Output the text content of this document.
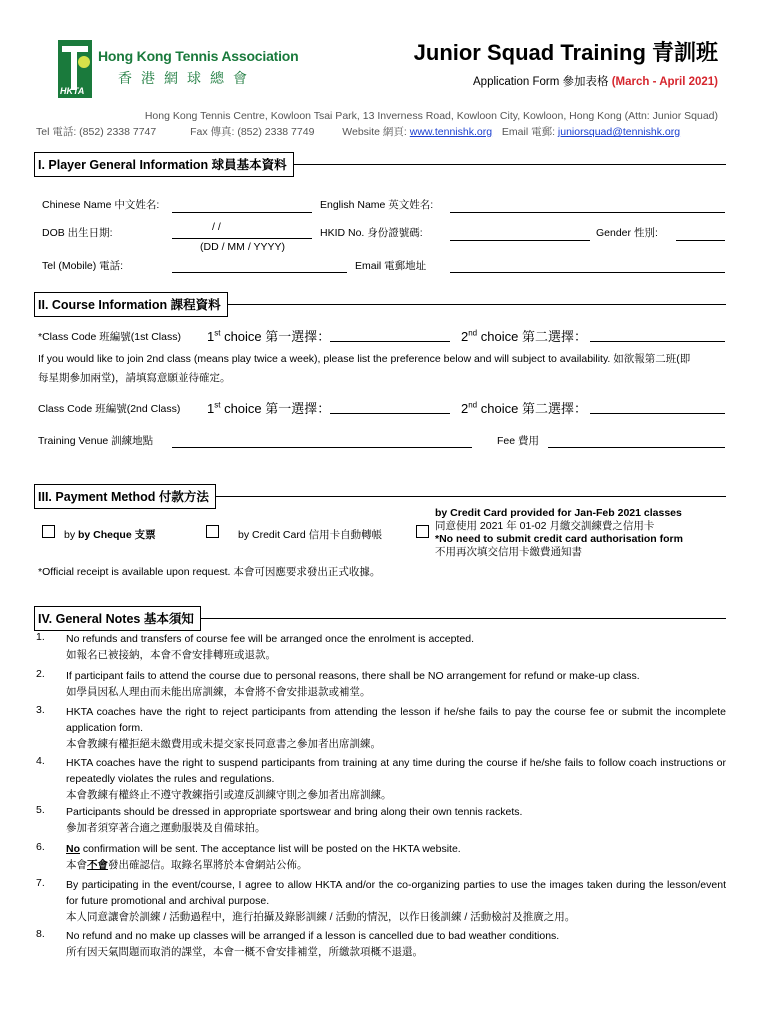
HKTA
Hong Kong Tennis Association
香港網球總會
Junior Squad Training 青訓班
Application Form 參加表格 (March - April 2021)
Hong Kong Tennis Centre, Kowloon Tsai Park, 13 Inverness Road, Kowloon City, Kowloon, Hong Kong (Attn: Junior Squad)
Tel 電話: (852) 2338 7747	Fax 傳真: (852) 2338 7749	Website 網頁: www.tennishk.org Email 電郵: juniorsquad@tennishk.org
I. Player General Information 球員基本資料
Chinese Name 中文姓名:	English Name 英文姓名:
DOB 出生日期:	/ /
(DD / MM / YYYY)
HKID No. 身份證號碼:	Gender 性別:
Tel (Mobile) 電話:	Email 電郵地址
II. Course Information 課程資料
*Class Code 班編號(1st Class) 1st choice 第一選擇：	2nd choice 第二選擇：
If you would like to join 2nd class (means play twice a week), please list the preference below and will subject to availability. 如欲報第二班(即
每星期參加兩堂)，請填寫意願並待確定。
Class Code 班編號(2nd Class) 1st choice 第一選擇：	2nd choice 第二選擇：
Training Venue 訓練地點	Fee 費用
III. Payment Method 付款方法
by by Cheque 支票	by Credit Card 信用卡自動轉帳
by Credit Card provided for Jan-Feb 2021 classes
同意使用 2021 年 01-02 月繳交訓練費之信用卡
*No need to submit credit card authorisation form
不用再次填交信用卡繳費通知書
*Official receipt is available upon request. 本會可因應要求發出正式收據。
IV. General Notes 基本須知
1. No refunds and transfers of course fee will be arranged once the enrolment is accepted.
如報名已被接納，本會不會安排轉班或退款。
2. If participant fails to attend the course due to personal reasons, there shall be NO arrangement for refund or make-up class.
如學員因私人理由而未能出席訓練，本會將不會安排退款或補堂。
3. HKTA coaches have the right to reject participants from attending the lesson if he/she fails to pay the course fee or submit the incomplete application form.
本會教練有權拒絕未繳費用或未提交家長同意書之參加者出席訓練。
4. HKTA coaches have the right to suspend participants from training at any time during the course if he/she fails to follow coach instructions or repeatedly violates the rules and regulations.
本會教練有權終止不遵守教練指引或違反訓練守則之參加者出席訓練。
5. Participants should be dressed in appropriate sportswear and bring along their own tennis rackets.
參加者須穿著合適之運動服裝及自備球拍。
6. No confirmation will be sent. The acceptance list will be posted on the HKTA website.
本會不會發出確認信。取錄名單將於本會網站公佈。
7. By participating in the event/course, I agree to allow HKTA and/or the co-organizing parties to use the images taken during the lesson/event for future promotional and archival purpose.
本人同意讓會於訓練 / 活動過程中，進行拍攝及錄影訓練 / 活動的情況，以作日後訓練 / 活動檢討及推廣之用。
8. No refund and no make up classes will be arranged if a lesson is cancelled due to bad weather conditions.
所有因天氣問題而取消的課堂，本會一概不會安排補堂，所繳款項概不退還。
